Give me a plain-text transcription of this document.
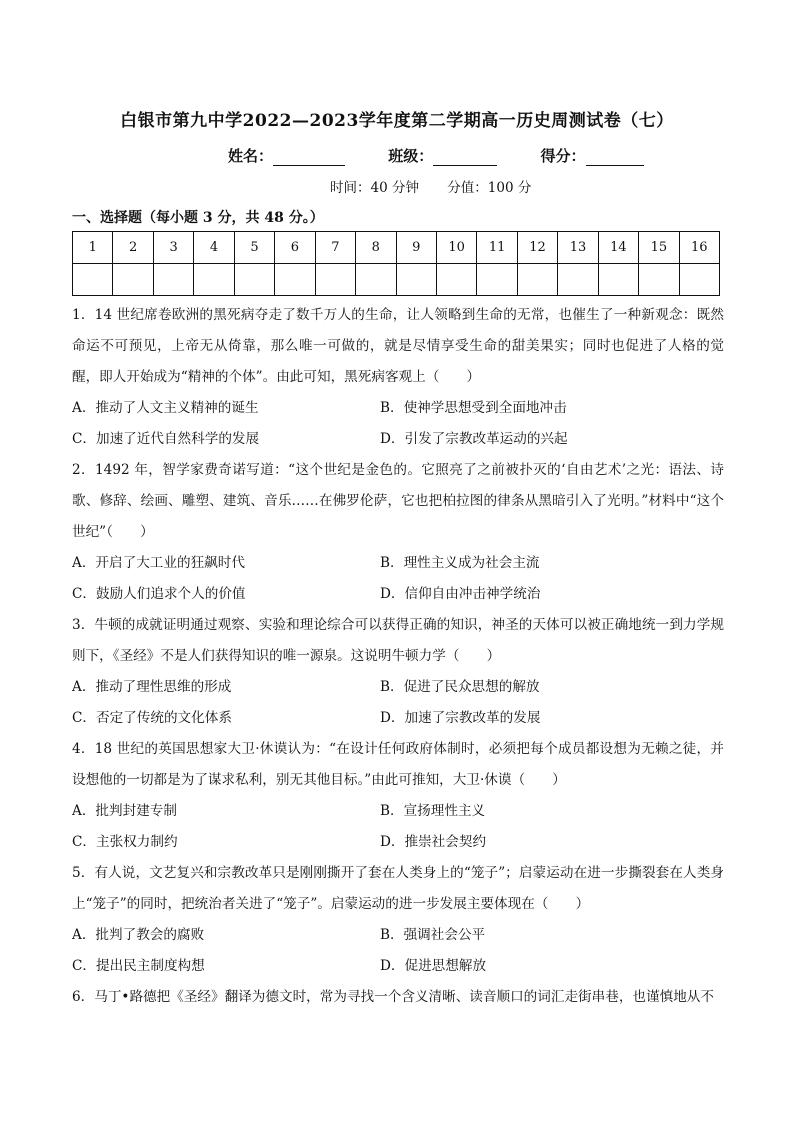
白银市第九中学2022—2023学年度第二学期高一历史周测试卷（七）
姓名：	班级：	得分：
时间：40 分钟 分值：100 分
一、选择题（每小题 3 分，共 48 分。）
1	2	3	4	5	6	7	8	9	10	11	12	13	14	15	16

1．14 世纪席卷欧洲的黑死病夺走了数千万人的生命，让人领略到生命的无常，也催生了一种新观念：既然命运不可预见，上帝无从倚靠，那么唯一可做的，就是尽情享受生命的甜美果实；同时也促进了人格的觉醒，即人开始成为“精神的个体”。由此可知，黑死病客观上（　　）
A．推动了人文主义精神的诞生	B．使神学思想受到全面地冲击
C．加速了近代自然科学的发展	D．引发了宗教改革运动的兴起
2．1492 年，智学家费奇诺写道：“这个世纪是金色的。它照亮了之前被扑灭的‘自由艺术’之光：语法、诗歌、修辞、绘画、雕塑、建筑、音乐……在佛罗伦萨，它也把柏拉图的律条从黑暗引入了光明。”材料中“这个世纪”（　　）
A．开启了大工业的狂飙时代	B．理性主义成为社会主流
C．鼓励人们追求个人的价值	D．信仰自由冲击神学统治
3．牛顿的成就证明通过观察、实验和理论综合可以获得正确的知识，神圣的天体可以被正确地统一到力学规则下，《圣经》不是人们获得知识的唯一源泉。这说明牛顿力学（　　）
A．推动了理性思维的形成	B．促进了民众思想的解放
C．否定了传统的文化体系	D．加速了宗教改革的发展
4．18 世纪的英国思想家大卫·休谟认为：“在设计任何政府体制时，必须把每个成员都设想为无赖之徒，并设想他的一切都是为了谋求私利，别无其他目标。”由此可推知，大卫·休谟（　　）
A．批判封建专制	B．宣扬理性主义
C．主张权力制约	D．推崇社会契约
5．有人说，文艺复兴和宗教改革只是刚刚撕开了套在人类身上的“笼子”；启蒙运动在进一步撕裂套在人类身上“笼子”的同时，把统治者关进了“笼子”。启蒙运动的进一步发展主要体现在（　　）
A．批判了教会的腐败	B．强调社会公平
C．提出民主制度构想	D．促进思想解放
6．马丁•路德把《圣经》翻译为德文时，常为寻找一个含义清晰、读音顺口的词汇走街串巷，也谨慎地从不
